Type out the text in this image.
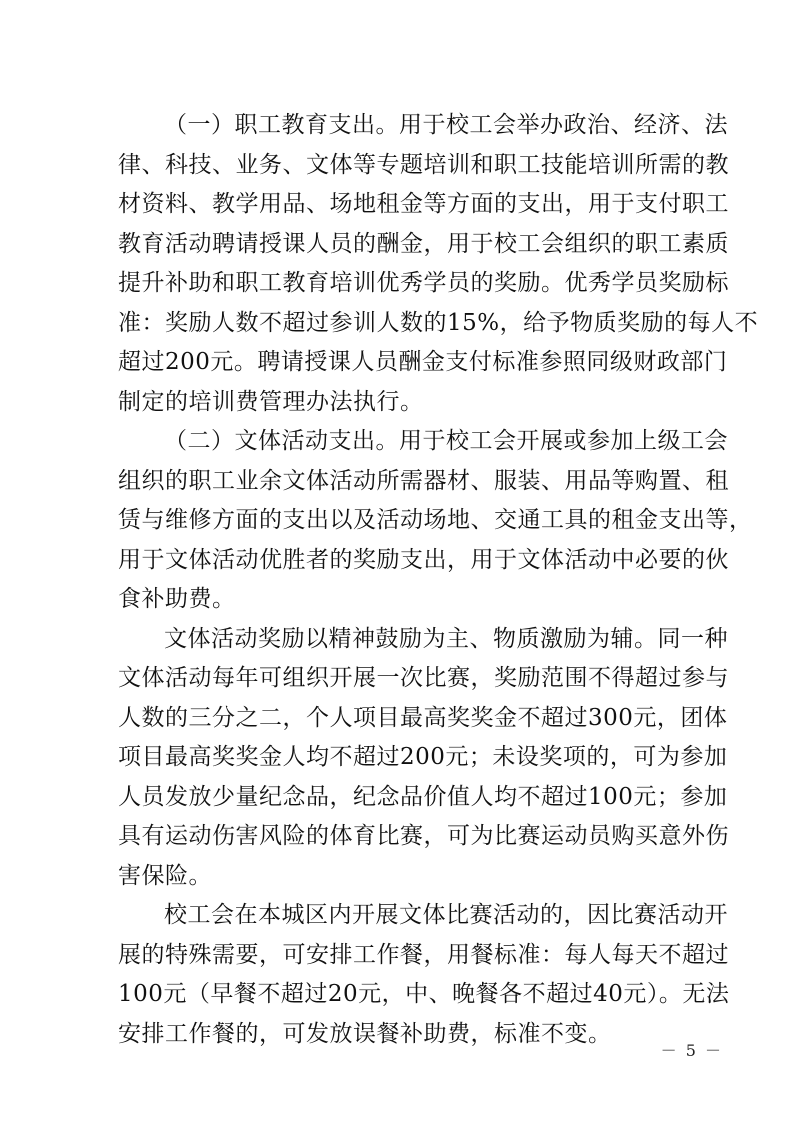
（一）职工教育支出。用于校工会举办政治、经济、法
律、科技、业务、文体等专题培训和职工技能培训所需的教
材资料、教学用品、场地租金等方面的支出，用于支付职工
教育活动聘请授课人员的酬金，用于校工会组织的职工素质
提升补助和职工教育培训优秀学员的奖励。优秀学员奖励标
准：奖励人数不超过参训人数的15%，给予物质奖励的每人不
超过200元。聘请授课人员酬金支付标准参照同级财政部门
制定的培训费管理办法执行。
（二）文体活动支出。用于校工会开展或参加上级工会
组织的职工业余文体活动所需器材、服装、用品等购置、租
赁与维修方面的支出以及活动场地、交通工具的租金支出等，
用于文体活动优胜者的奖励支出，用于文体活动中必要的伙
食补助费。
文体活动奖励以精神鼓励为主、物质激励为辅。同一种
文体活动每年可组织开展一次比赛，奖励范围不得超过参与
人数的三分之二，个人项目最高奖奖金不超过300元，团体
项目最高奖奖金人均不超过200元；未设奖项的，可为参加
人员发放少量纪念品，纪念品价值人均不超过100元；参加
具有运动伤害风险的体育比赛，可为比赛运动员购买意外伤
害保险。
校工会在本城区内开展文体比赛活动的，因比赛活动开
展的特殊需要，可安排工作餐，用餐标准：每人每天不超过
100元（早餐不超过20元，中、晚餐各不超过40元）。无法
安排工作餐的，可发放误餐补助费，标准不变。
－ 5 －
